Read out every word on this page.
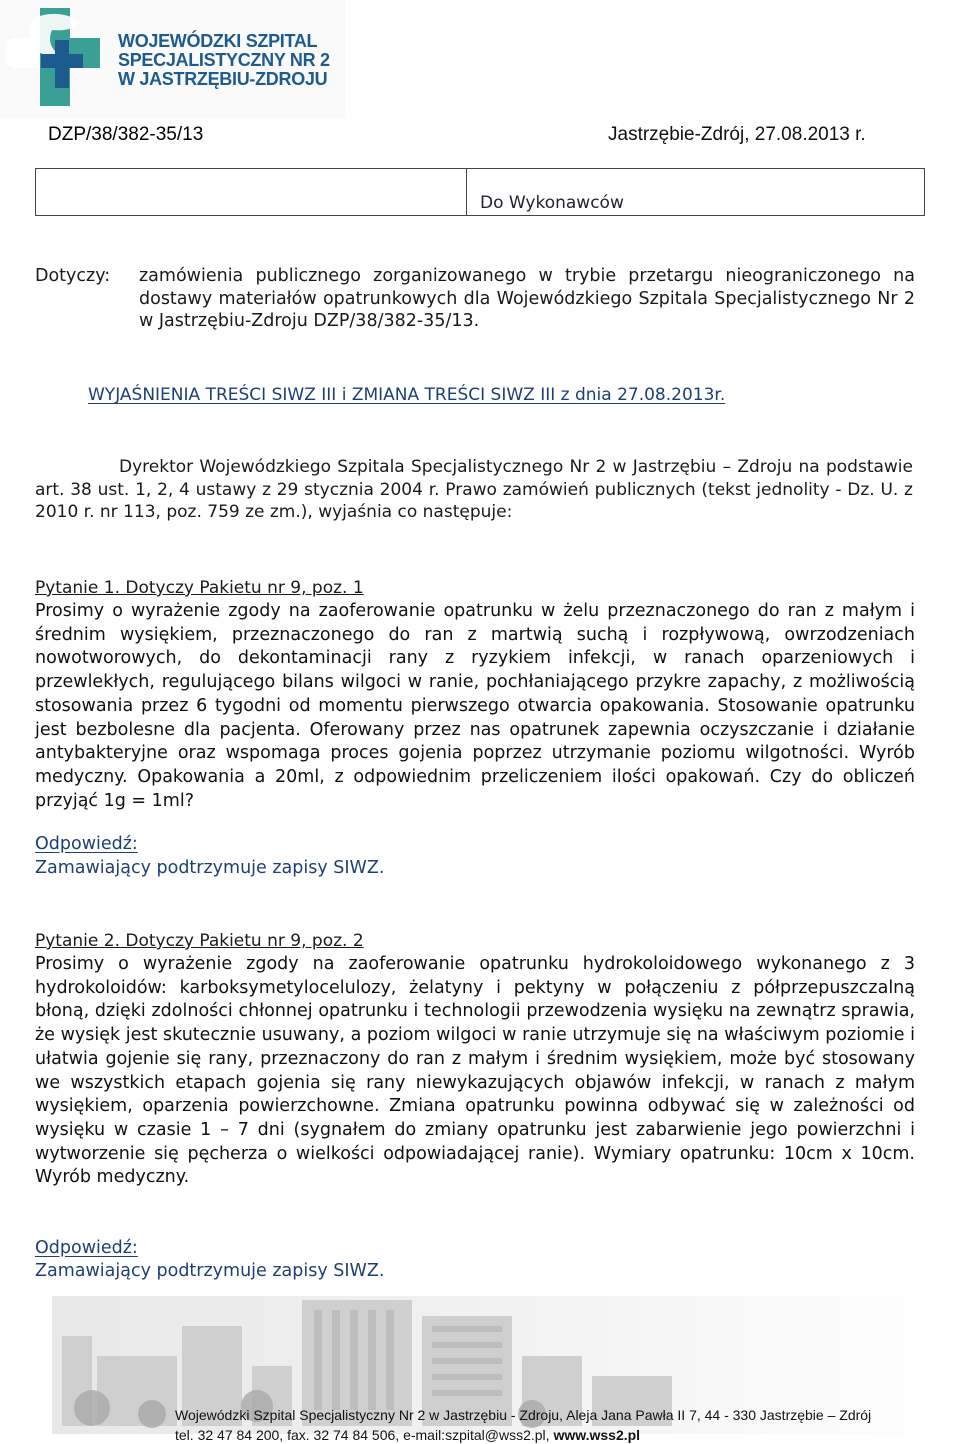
WOJEWÓDZKI SZPITAL
SPECJALISTYCZNY NR 2
W JASTRZĘBIU-ZDROJU
DZP/38/382-35/13	Jastrzębie-Zdrój, 27.08.2013 r.
Do Wykonawców
Dotyczy: zamówienia publicznego zorganizowanego w trybie przetargu nieograniczonego na dostawy materiałów opatrunkowych dla Wojewódzkiego Szpitala Specjalistycznego Nr 2 w Jastrzębiu-Zdroju DZP/38/382-35/13.
WYJAŚNIENIA TREŚCI SIWZ III i ZMIANA TREŚCI SIWZ III z dnia 27.08.2013r.
Dyrektor Wojewódzkiego Szpitala Specjalistycznego Nr 2 w Jastrzębiu – Zdroju na podstawie art. 38 ust. 1, 2, 4 ustawy z 29 stycznia 2004 r. Prawo zamówień publicznych (tekst jednolity - Dz. U. z 2010 r. nr 113, poz. 759 ze zm.), wyjaśnia co następuje:
Pytanie 1. Dotyczy Pakietu nr 9, poz. 1
Prosimy o wyrażenie zgody na zaoferowanie opatrunku w żelu przeznaczonego do ran z małym i średnim wysiękiem, przeznaczonego do ran z martwią suchą i rozpływową, owrzodzeniach nowotworowych, do dekontaminacji rany z ryzykiem infekcji, w ranach oparzeniowych i przewlekłych, regulującego bilans wilgoci w ranie, pochłaniającego przykre zapachy, z możliwością stosowania przez 6 tygodni od momentu pierwszego otwarcia opakowania. Stosowanie opatrunku jest bezbolesne dla pacjenta. Oferowany przez nas opatrunek zapewnia oczyszczanie i działanie antybakteryjne oraz wspomaga proces gojenia poprzez utrzymanie poziomu wilgotności. Wyrób medyczny. Opakowania a 20ml, z odpowiednim przeliczeniem ilości opakowań. Czy do obliczeń przyjąć 1g = 1ml?
Odpowiedź:
Zamawiający podtrzymuje zapisy SIWZ.
Pytanie 2. Dotyczy Pakietu nr 9, poz. 2
Prosimy o wyrażenie zgody na zaoferowanie opatrunku hydrokoloidowego wykonanego z 3 hydrokoloidów: karboksymetylocelulozy, żelatyny i pektyny w połączeniu z półprzepuszczalną błoną, dzięki zdolności chłonnej opatrunku i technologii przewodzenia wysięku na zewnątrz sprawia, że wysięk jest skutecznie usuwany, a poziom wilgoci w ranie utrzymuje się na właściwym poziomie i ułatwia gojenie się rany, przeznaczony do ran z małym i średnim wysiękiem, może być stosowany we wszystkich etapach gojenia się rany niewykazujących objawów infekcji, w ranach z małym wysiękiem, oparzenia powierzchowne. Zmiana opatrunku powinna odbywać się w zależności od wysięku w czasie 1 – 7 dni (sygnałem do zmiany opatrunku jest zabarwienie jego powierzchni i wytworzenie się pęcherza o wielkości odpowiadającej ranie). Wymiary opatrunku: 10cm x 10cm. Wyrób medyczny.
Odpowiedź:
Zamawiający podtrzymuje zapisy SIWZ.
Wojewódzki Szpital Specjalistyczny Nr 2 w Jastrzębiu - Zdroju, Aleja Jana Pawła II 7, 44 - 330 Jastrzębie – Zdrój
tel. 32 47 84 200, fax. 32 74 84 506, e-mail:szpital@wss2.pl, www.wss2.pl
